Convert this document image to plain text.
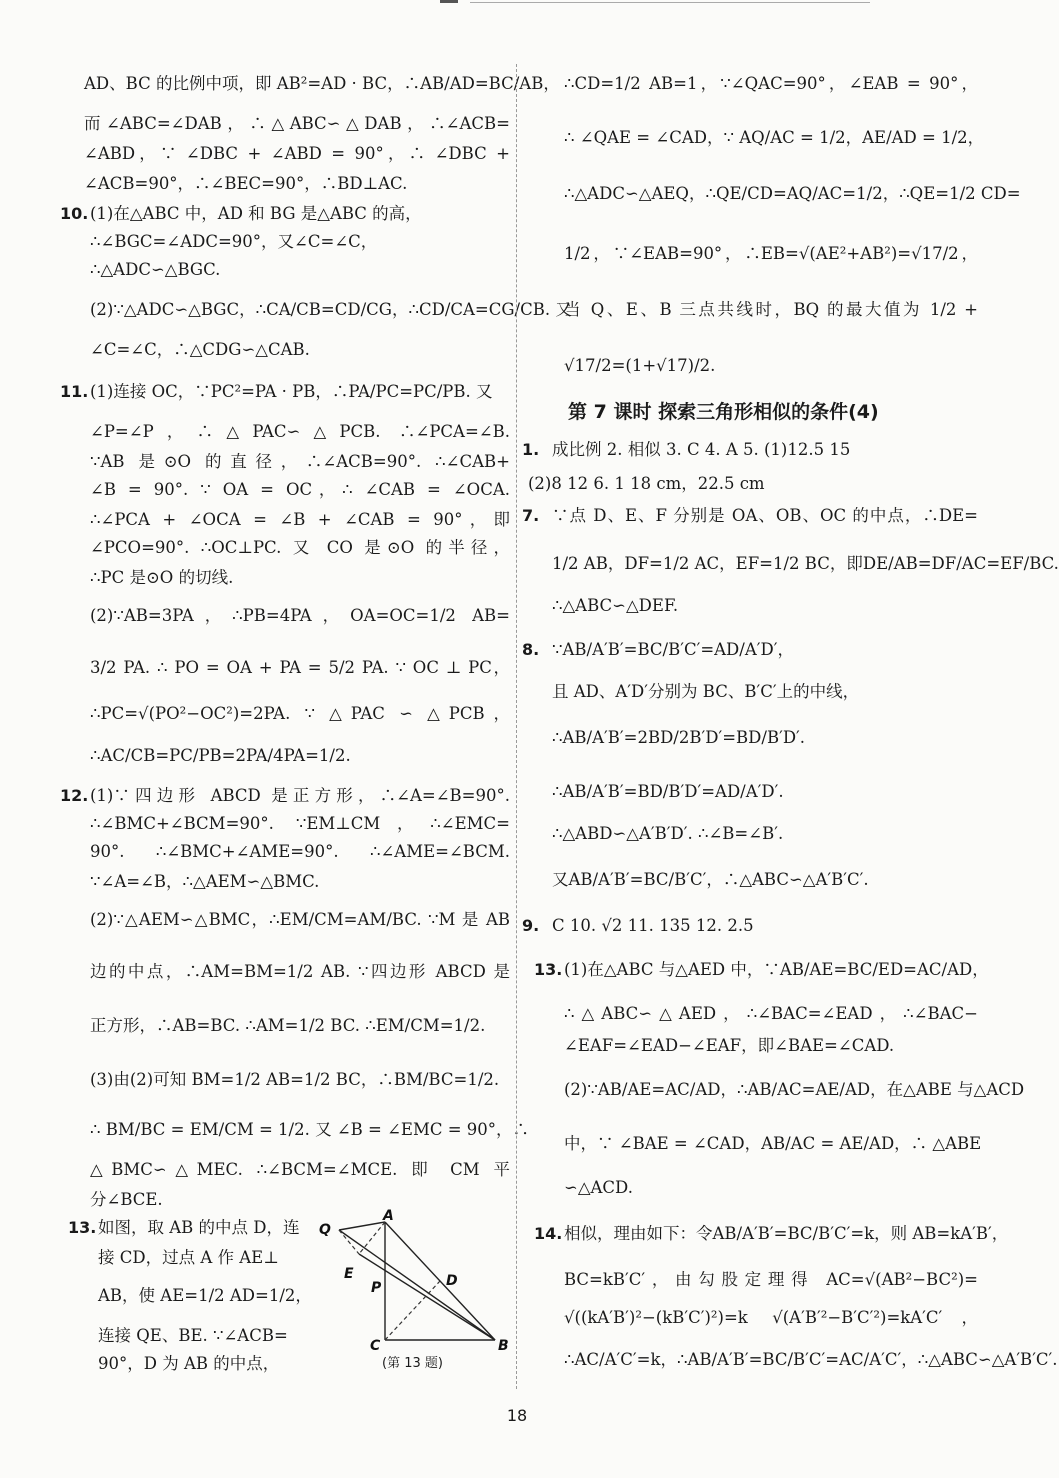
AD、BC 的比例中项，即 AB²=AD · BC，∴AB/AD=BC/AB，
而∠ABC=∠DAB，∴△ABC∽△DAB，∴∠ACB=
∠ABD，∵ ∠DBC + ∠ABD = 90°，∴ ∠DBC +
∠ACB=90°，∴∠BEC=90°，∴BD⊥AC.
(1)在△ABC 中，AD 和 BG 是△ABC 的高，
10.
∴∠BGC=∠ADC=90°，又∠C=∠C，
∴△ADC∽△BGC.
(2)∵△ADC∽△BGC，∴CA/CB=CD/CG，∴CD/CA=CG/CB. 又
∠C=∠C，∴△CDG∽△CAB.
(1)连接 OC，∵PC²=PA · PB，∴PA/PC=PC/PB. 又
11.
∠P=∠P，∴△PAC∽△PCB. ∴∠PCA=∠B.
∵AB 是⊙O 的直径，∴∠ACB=90°. ∴∠CAB+
∠B = 90°. ∵ OA = OC，∴ ∠CAB = ∠OCA.
∴∠PCA + ∠OCA = ∠B + ∠CAB = 90°，即
∠PCO=90°. ∴OC⊥PC. 又 CO 是⊙O 的半径，
∴PC 是⊙O 的切线.
(2)∵AB=3PA，∴PB=4PA，OA=OC=1/2 AB=
3/2 PA. ∴ PO = OA + PA = 5/2 PA. ∵ OC ⊥ PC，
∴PC=√(PO²−OC²)=2PA. ∵ △PAC ∽ △PCB，
∴AC/CB=PC/PB=2PA/4PA=1/2.
(1)∵四边形 ABCD 是正方形，∴∠A=∠B=90°.
12.
∴∠BMC+∠BCM=90°. ∵EM⊥CM，∴∠EMC=
90°. ∴∠BMC+∠AME=90°. ∴∠AME=∠BCM.
∵∠A=∠B，∴△AEM∽△BMC.
(2)∵△AEM∽△BMC，∴EM/CM=AM/BC. ∵M 是 AB
边的中点，∴AM=BM=1/2 AB. ∵四边形 ABCD 是
正方形，∴AB=BC. ∴AM=1/2 BC. ∴EM/CM=1/2.
(3)由(2)可知 BM=1/2 AB=1/2 BC，∴BM/BC=1/2.
∴ BM/BC = EM/CM = 1/2. 又 ∠B = ∠EMC = 90°，∴
△BMC∽△MEC. ∴∠BCM=∠MCE. 即 CM 平
分∠BCE.
如图，取 AB 的中点 D，连
13.
接 CD，过点 A 作 AE⊥
AB，使 AE=1/2 AD=1/2，
连接 QE、BE. ∵∠ACB=
90°，D 为 AB 的中点，
第 7 课时 探索三角形相似的条件(4)
∴CD=1/2 AB=1，∵∠QAC=90°，∠EAB = 90°，
∴ ∠QAE = ∠CAD，∵ AQ/AC = 1/2，AE/AD = 1/2，
∴△ADC∽△AEQ，∴QE/CD=AQ/AC=1/2，∴QE=1/2 CD=
1/2，∵∠EAB=90°，∴EB=√(AE²+AB²)=√17/2，
当 Q、E、B 三点共线时，BQ 的最大值为 1/2 +
√17/2=(1+√17)/2.
成比例 2. 相似 3. C 4. A 5. (1)12.5 15
1.
(2)8 12 6. 1 18 cm，22.5 cm
∵点 D、E、F 分别是 OA、OB、OC 的中点，∴DE=
7.
1/2 AB，DF=1/2 AC，EF=1/2 BC，即DE/AB=DF/AC=EF/BC.
∴△ABC∽△DEF.
∵AB/A′B′=BC/B′C′=AD/A′D′，
8.
且 AD、A′D′分别为 BC、B′C′上的中线，
∴AB/A′B′=2BD/2B′D′=BD/B′D′.
∴AB/A′B′=BD/B′D′=AD/A′D′.
∴△ABD∽△A′B′D′. ∴∠B=∠B′.
又AB/A′B′=BC/B′C′，∴△ABC∽△A′B′C′.
C 10. √2 11. 135 12. 2.5
9.
(1)在△ABC 与△AED 中，∵AB/AE=BC/ED=AC/AD，
13.
∴△ABC∽△AED，∴∠BAC=∠EAD，∴∠BAC−
∠EAF=∠EAD−∠EAF，即∠BAE=∠CAD.
(2)∵AB/AE=AC/AD，∴AB/AC=AE/AD，在△ABE 与△ACD
中，∵ ∠BAE = ∠CAD，AB/AC = AE/AD，∴ △ABE
∽△ACD.
相似，理由如下：令AB/A′B′=BC/B′C′=k，则 AB=kA′B′，
14.
BC=kB′C′，由勾股定理得 AC=√(AB²−BC²)=
√((kA′B′)²−(kB′C′)²)=k √(A′B′²−B′C′²)=kA′C′，
∴AC/A′C′=k，∴AB/A′B′=BC/B′C′=AC/A′C′，∴△ABC∽△A′B′C′.
Q
A
E
P	D
C	B
(第 13 题)
18
